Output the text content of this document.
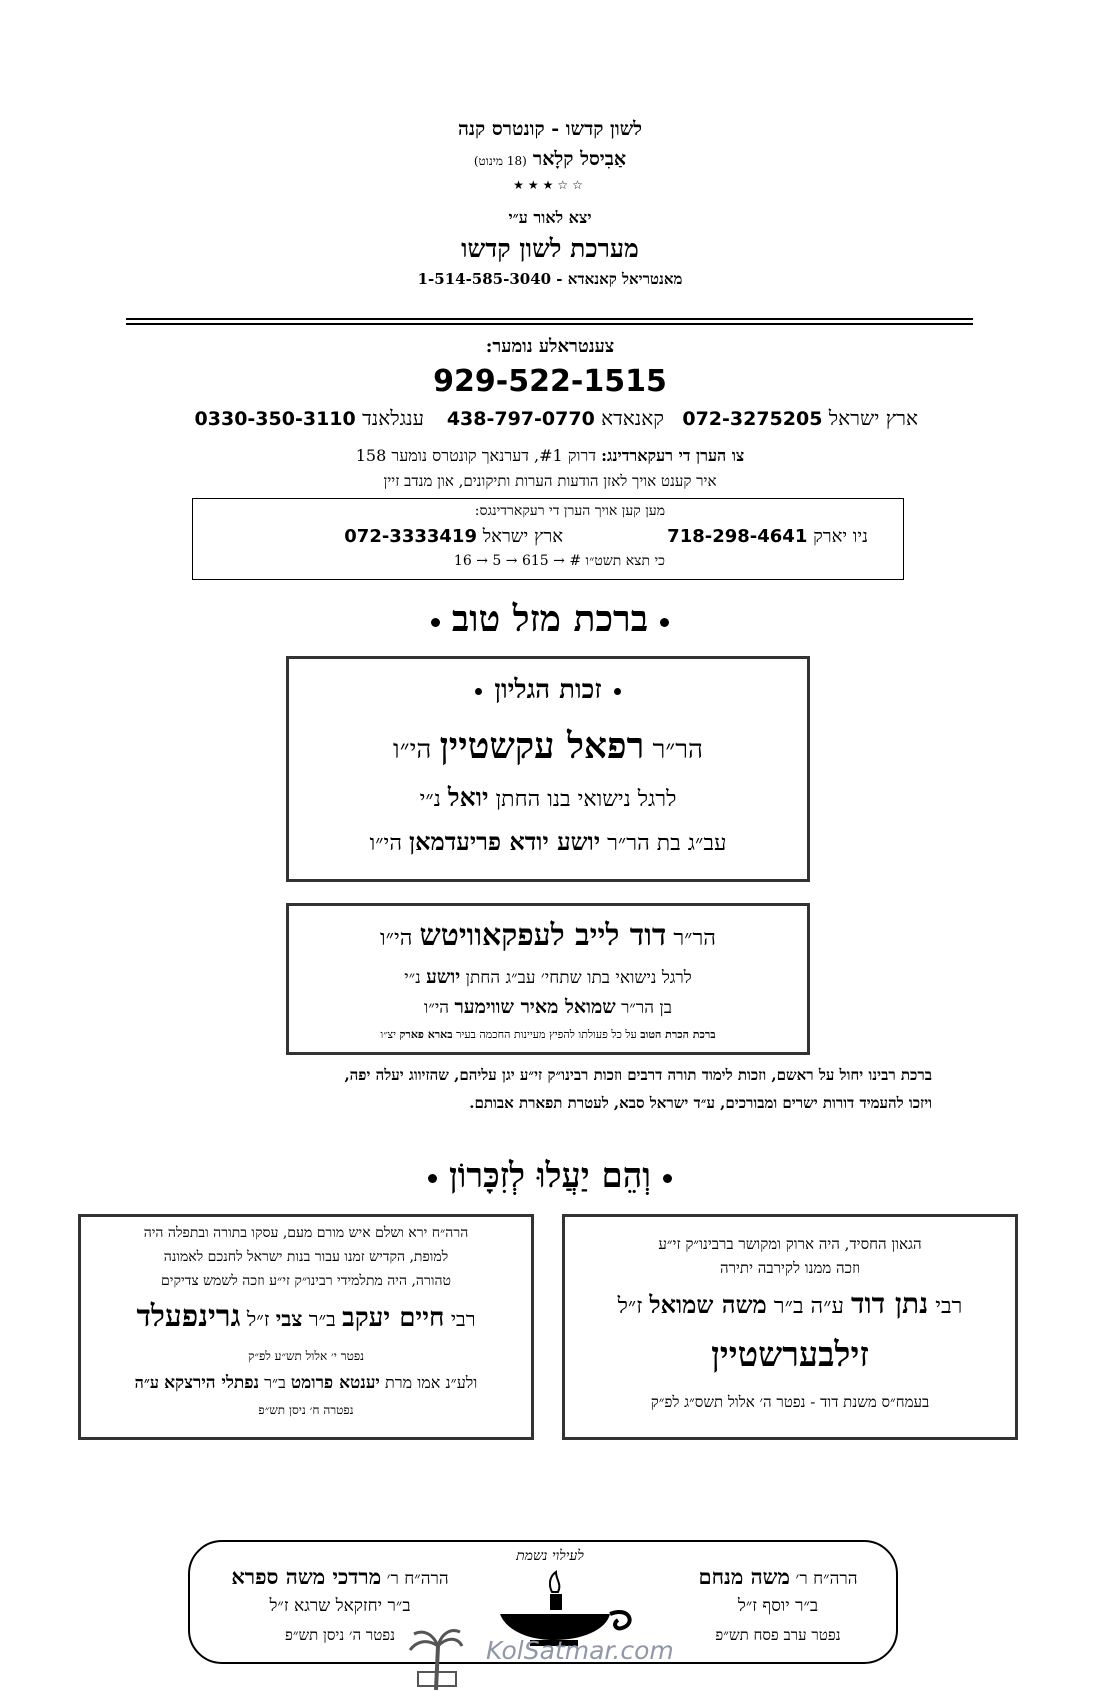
לשון קדשו - קונטרס קנה
אַבִיסל קלָאר (18 מינוט)
★★★☆☆
יצא לאור ע״י
מערכת לשון קדשו
מאנטריאל קאנאדא - 1-514-585-3040
צענטראלע נומער:
929-522-1515
ארץ ישראל 072-3275205
קאנאדא 438-797-0770
ענגלאנד 0330-350-3110
צו הערן די רעקארדינג: דרוק #1, דערנאך קונטרס נומער 158
איר קענט אויך לאזן הודעות הערות ותיקונים, און מנדב זיין
מען קען אויך הערן די רעקארדינגס:
ניו יארק 718-298-4641
ארץ ישראל 072-3333419
כי תצא תשט״ו # → 615 → 5 → 16
ברכת מזל טוב
זכות הגליון
הר״ר רפאל עקשטיין הי״ו
לרגל נישואי בנו החתן יואל נ״י
עב״ג בת הר״ר יושע יודא פריעדמאן הי״ו
הר״ר דוד לייב לעפקאוויטש הי״ו
לרגל נישואי בתו שתחי׳ עב״ג החתן יושע נ״י
בן הר״ר שמואל מאיר שווימער הי״ו
ברכת הכרת הטוב על כל פעולתו להפיץ מעיינות החכמה בעיר בארא פארק יצ״ו
ברכת רבינו יחול על ראשם, וזכות לימוד תורה דרבים וזכות רבינו״ק זי״ע יגן עליהם, שהזיווג יעלה יפה,
ויזכו להעמיד דורות ישרים ומבורכים, ע״ד ישראל סבא, לעטרת תפארת אבותם.
וְהֵם יַעֲלוּ לְזִכָּרוֹן
הגאון החסיד, היה ארוק ומקושר ברבינו״ק זי״ע
וזכה ממנו לקירבה יתירה
רבי נתן דוד ע״ה ב״ר משה שמואל ז״ל
זילבערשטיין
בעמח״ס משנת דוד - נפטר ה׳ אלול תשס״ג לפ״ק
הרה״ח ירא ושלם איש מורם מעם, עסקו בתורה ובתפלה היה
למופת, הקדיש זמנו עבור בנות ישראל לחנכם לאמונה
טהורה, היה מתלמידי רבינו״ק זי״ע וזכה לשמש צדיקים
רבי חיים יעקב ב״ר צבי ז״ל גרינפעלד
נפטר י׳ אלול תש״ע לפ״ק
ולע״נ אמו מרת יענטא פרומט ב״ר נפתלי הירצקא ע״ה
נפטרה ח׳ ניסן תש״פ
הרה״ח ר׳ משה מנחם
ב״ר יוסף ז״ל
נפטר ערב פסח תש״פ
הרה״ח ר׳ מרדכי משה ספרא
ב״ר יחזקאל שרגא ז״ל
נפטר ה׳ ניסן תש״פ
לעילוי נשמת
KolSatmar.com
